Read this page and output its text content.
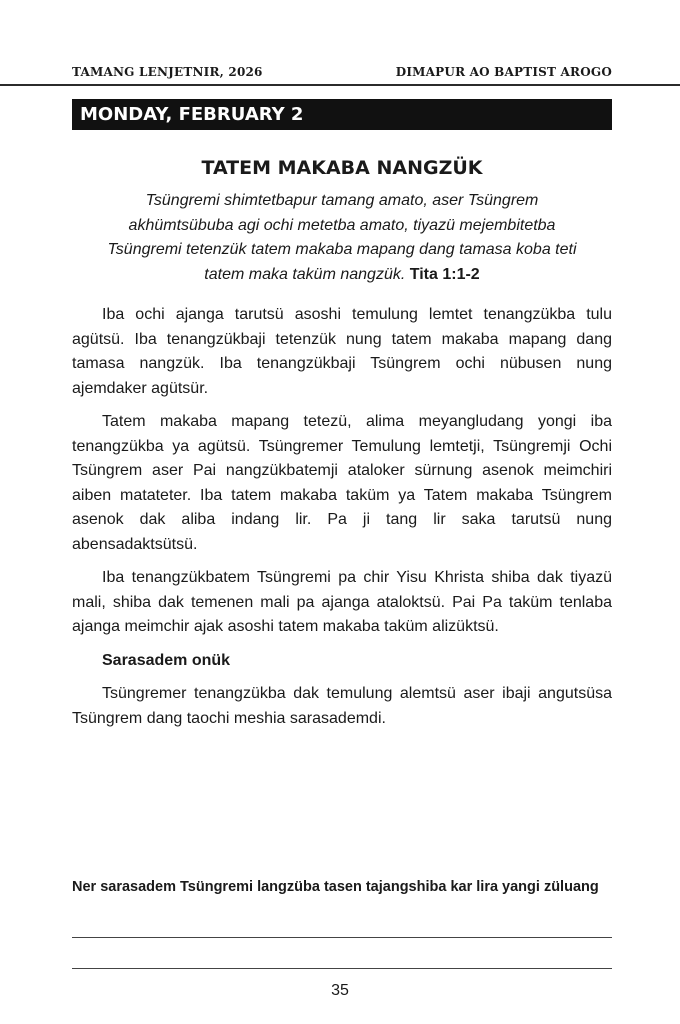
TAMANG LENJETNIR, 2026	DIMAPUR AO BAPTIST AROGO
MONDAY, FEBRUARY 2
TATEM MAKABA NANGZÜK
Tsüngremi shimtetbapur tamang amato, aser Tsüngrem akhümtsübuba agi ochi metetba amato, tiyazü mejembitetba Tsüngremi tetenzük tatem makaba mapang dang tamasa koba teti tatem maka taküm nangzük. Tita 1:1-2

Iba ochi ajanga tarutsü asoshi temulung lemtet tenangzükba tulu agütsü. Iba tenangzükbaji tetenzük nung tatem makaba mapang dang tamasa nangzük. Iba tenangzükbaji Tsüngrem ochi nübusen nung ajemdaker agütsür.

Tatem makaba mapang tetezü, alima meyangludang yongi iba tenangzükba ya agütsü. Tsüngremer Temulung lemtetji, Tsüngremji Ochi Tsüngrem aser Pai nangzükbatemji ataloker sürnung asenok meimchiri aiben matateter. Iba tatem makaba taküm ya Tatem makaba Tsüngrem asenok dak aliba indang lir. Pa ji tang lir saka tarutsü nung abensadaktsütsü.

Iba tenangzükbatem Tsüngremi pa chir Yisu Khrista shiba dak tiyazü mali, shiba dak temenen mali pa ajanga ataloktsü. Pai Pa taküm tenlaba ajanga meimchir ajak asoshi tatem makaba taküm alizüktsü.

Sarasadem onük

Tsüngremer tenangzükba dak temulung alemtsü aser ibaji angutsüsa Tsüngrem dang taochi meshia sarasademdi.

Ner sarasadem Tsüngremi langzüba tasen tajangshiba kar lira yangi züluang
35
